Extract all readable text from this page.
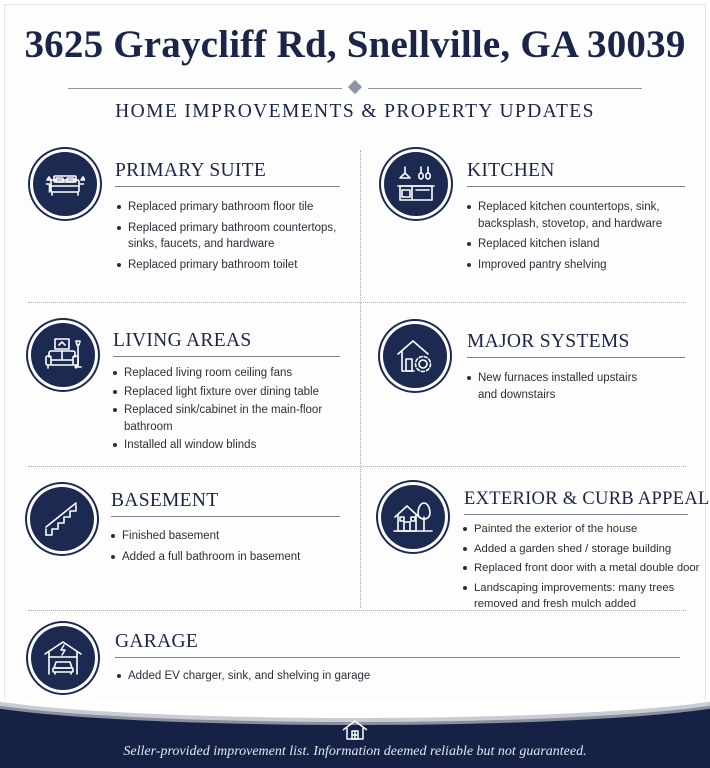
3625 Graycliff Rd, Snellville, GA 30039
HOME IMPROVEMENTS & PROPERTY UPDATES
PRIMARY SUITE
Replaced primary bathroom floor tile
Replaced primary bathroom countertops, sinks, faucets, and hardware
Replaced primary bathroom toilet
KITCHEN
Replaced kitchen countertops, sink, backsplash, stovetop, and hardware
Replaced kitchen island
Improved pantry shelving
LIVING AREAS
Replaced living room ceiling fans
Replaced light fixture over dining table
Replaced sink/cabinet in the main-floor bathroom
Installed all window blinds
MAJOR SYSTEMS
New furnaces installed upstairs and downstairs
BASEMENT
Finished basement
Added a full bathroom in basement
EXTERIOR & CURB APPEAL
Painted the exterior of the house
Added a garden shed / storage building
Replaced front door with a metal double door
Landscaping improvements: many trees removed and fresh mulch added
GARAGE
Added EV charger, sink, and shelving in garage
Seller-provided improvement list. Information deemed reliable but not guaranteed.
